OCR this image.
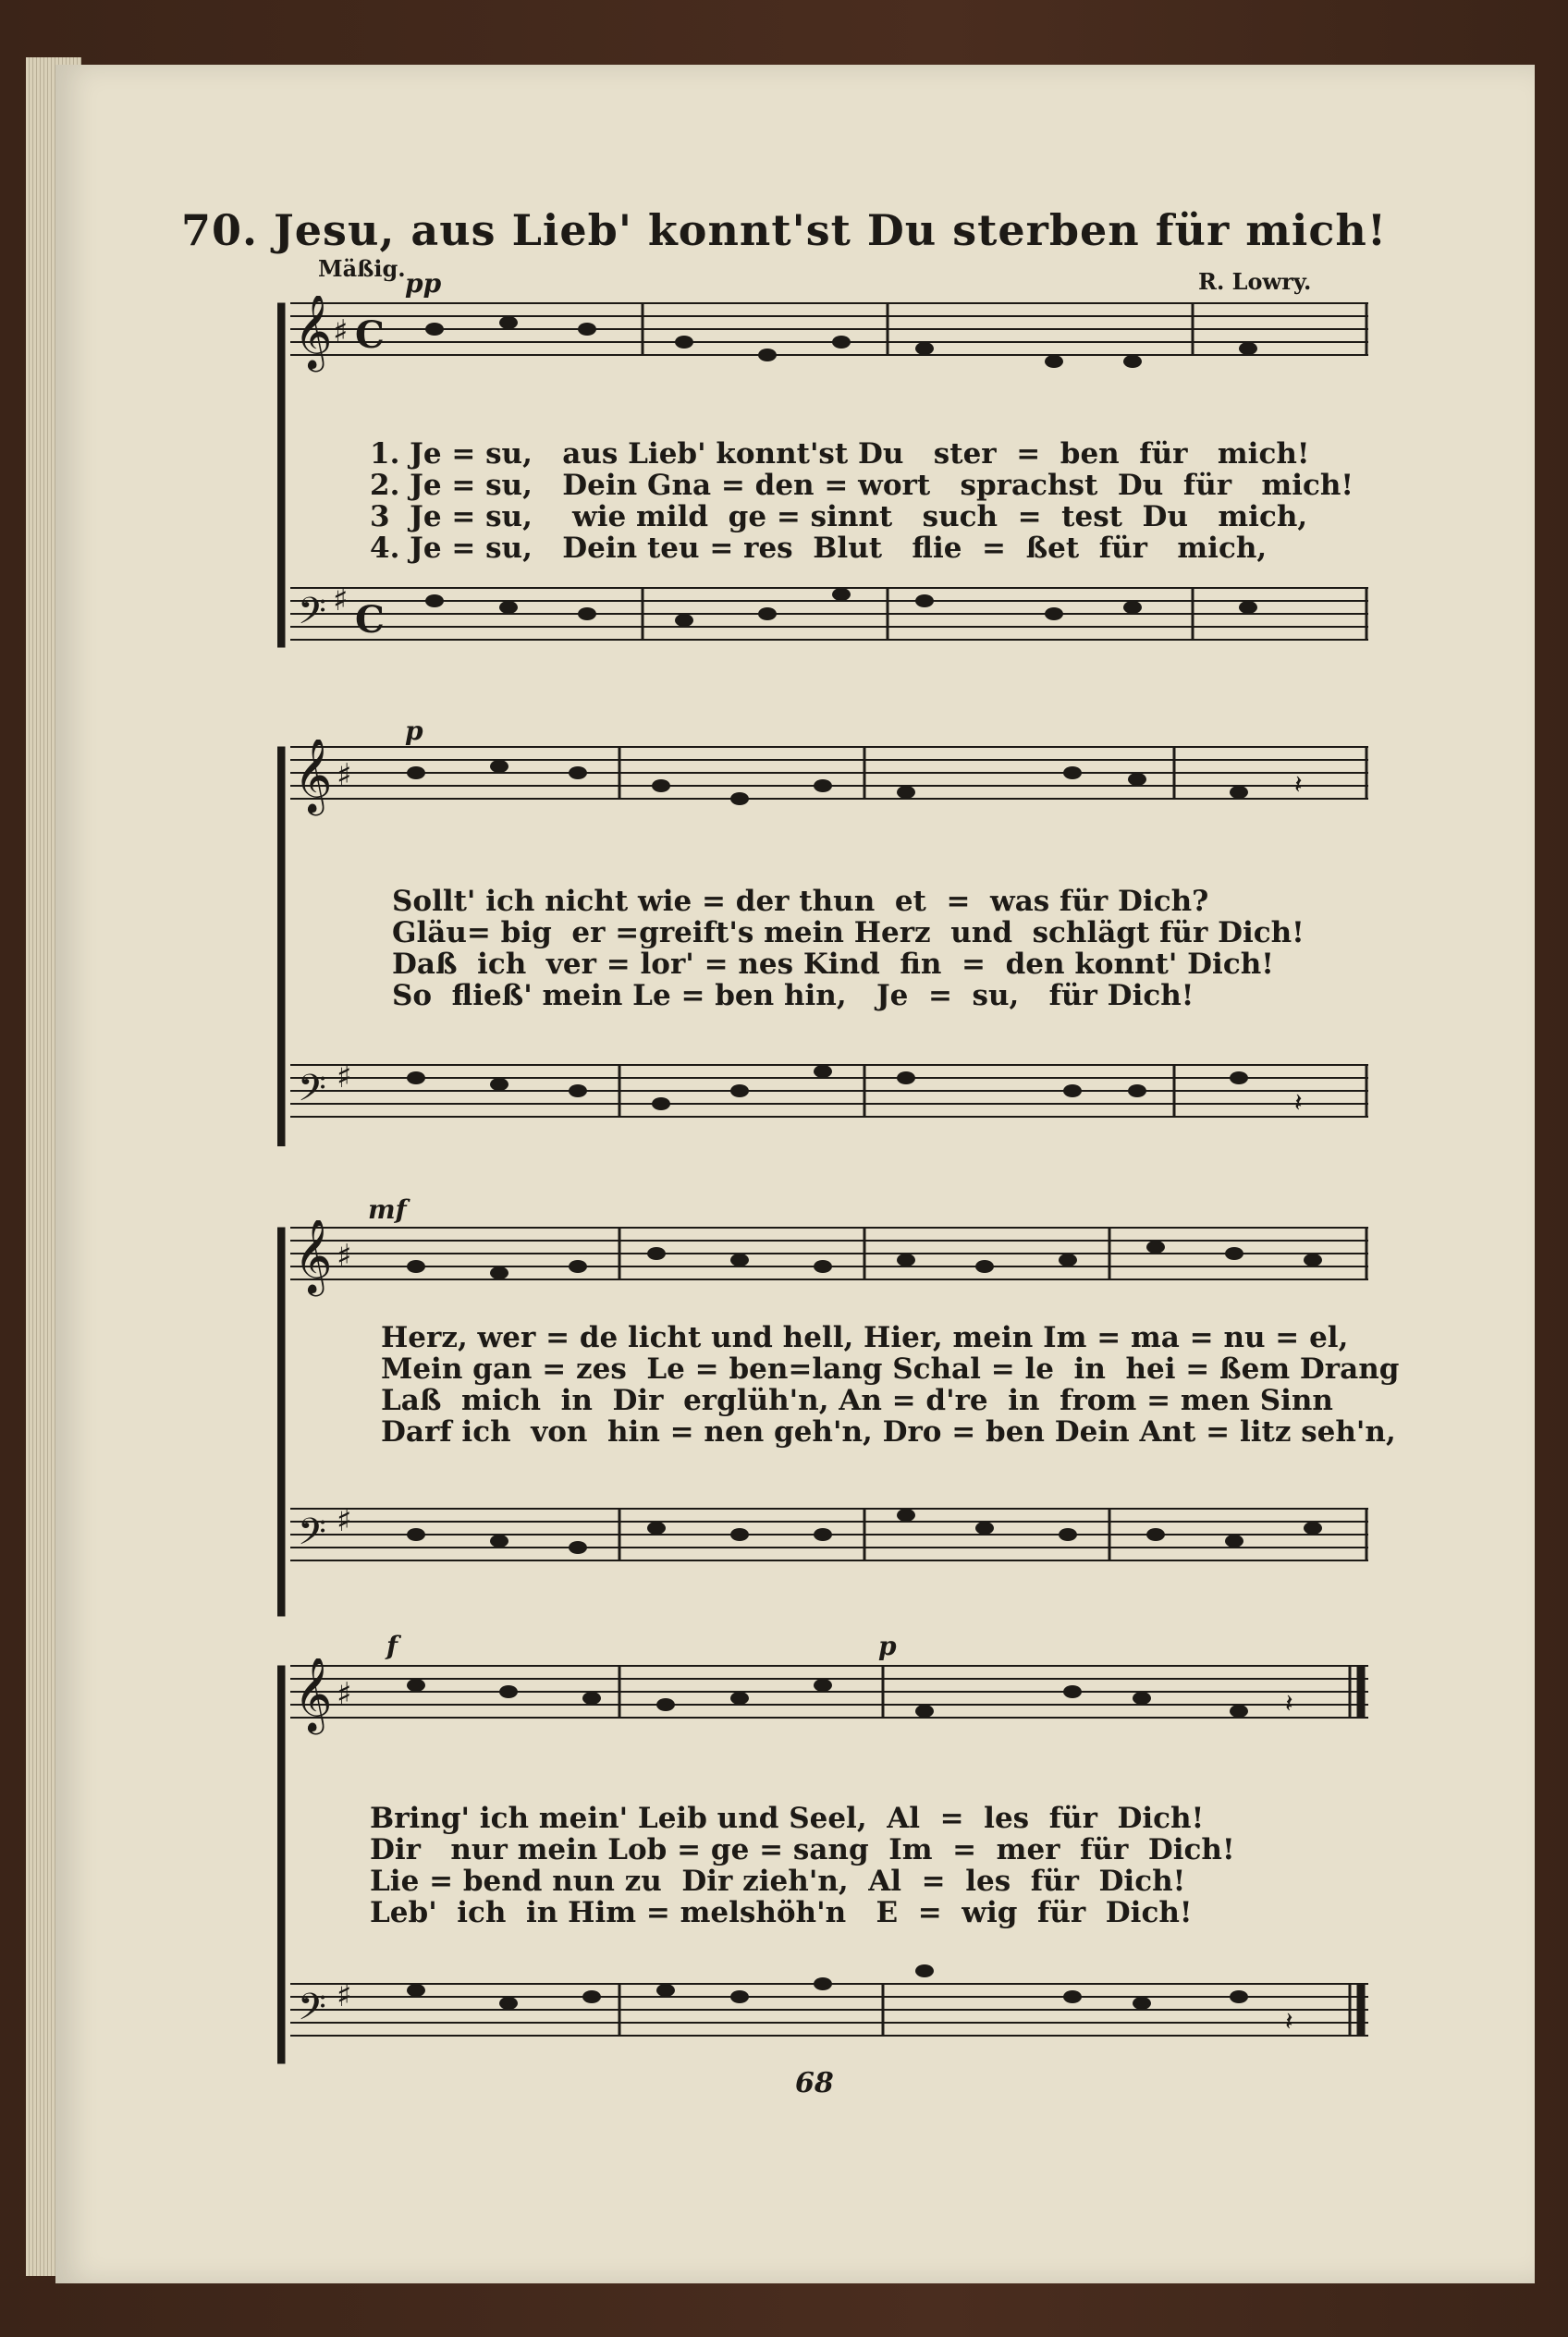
70. Jesu, aus Lieb' konnt'st Du sterben für mich!
Mäßig.	R. Lowry.
pp
p
mf
f	p
𝄞 ♯ C
𝄢 ♯ C
1. Je = su,   aus Lieb' konnt'st Du   ster  =  ben  für   mich!
2. Je = su,   Dein Gna = den = wort   sprachst  Du  für   mich!
3  Je = su,    wie mild  ge = sinnt   such  =  test  Du   mich,
4. Je = su,   Dein teu = res  Blut   flie  =  ßet  für   mich,
𝄞 ♯
𝄢 ♯
𝄽
𝄽
Sollt' ich nicht wie = der thun  et  =  was für Dich?
Gläu= big  er =greift's mein Herz  und  schlägt für Dich!
Daß  ich  ver = lor' = nes Kind  fin  =  den konnt' Dich!
So  fließ' mein Le = ben hin,   Je  =  su,   für Dich!
𝄞 ♯
𝄢 ♯
Herz, wer = de licht und hell, Hier, mein Im = ma = nu = el,
Mein gan = zes  Le = ben=lang Schal = le  in  hei = ßem Drang
Laß  mich  in  Dir  erglüh'n, An = d're  in  from = men Sinn
Darf ich  von  hin = nen geh'n, Dro = ben Dein Ant = litz seh'n,
𝄞 ♯
𝄢 ♯
𝄽
𝄽
Bring' ich mein' Leib und Seel,  Al  =  les  für  Dich!
Dir   nur mein Lob = ge = sang  Im  =  mer  für  Dich!
Lie = bend nun zu  Dir zieh'n,  Al  =  les  für  Dich!
Leb'  ich  in Him = melshöh'n   E  =  wig  für  Dich!
68
